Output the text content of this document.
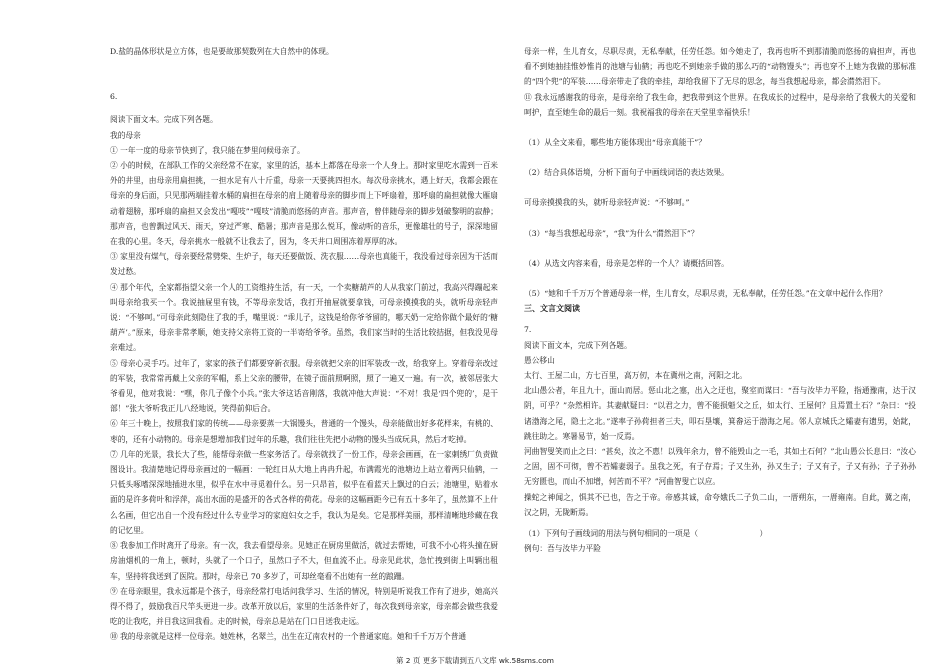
D.盐的晶体形状是立方体，也是要故那契数列在大自然中的体现。

6.

阅读下面文本。完成下列各题。

我的母亲

① 一年一度的母亲节快到了，我只能在梦里问候母亲了。

② 小的时候，在部队工作的父亲经常不在家，家里的活，基本上都落在母亲一个人身上。那时家里吃水需到一百米外的井里，由母亲用扁担挑，一担水足有八十斤重，母亲一天要挑四担水。每次母亲挑水，遇上好天，我都会跟在母亲的身后面，只见那两端挂着水桶的扁担在母亲的肩上随着母亲的脚步而上下呼扇着，那呼扇的扁担就像大雁扇动着翅膀，那呼扇的扁担又会发出“嘎吱”“嘎吱”清脆而悠扬的声音。那声音，曾伴随母亲的脚步划破黎明的寂静；那声音，也曾飘过风天、雨天，穿过严寒、酷暑；那声音是那么悦耳，像动听的音乐，更像雄壮的号子，深深地留在我的心里。冬天，母亲挑水一般就不让我去了，因为，冬天井口周围冻着厚厚的冰。

③ 家里没有煤气，母亲要经常劈柴、生炉子，每天还要做饭、洗衣服……母亲也真能干，我没看过母亲因为干活而发过愁。

④ 那个年代，全家都指望父亲一个人的工资维持生活，有一天，一个卖糖葫芦的人从我家门前过，我高兴得蹦起来叫母亲给我买一个。我说抽屉里有钱，不等母亲发话，我打开抽屉就要拿钱，可母亲摸摸我的头，就听母亲轻声说：“不够呵。”可母亲此刻隐住了我的手，嘴里说：“乖儿子，这钱是给你爷爷留的，哪天奶一定给你做个最好的‘糖葫芦’。”原来，母亲非常孝顺，她支持父亲将工资的一半寄给爷爷。虽然，我们家当时的生活比较拮据，但我没见母亲难过。

⑤ 母亲心灵手巧。过年了，家家的孩子们都要穿新衣服。母亲就把父亲的旧军装改一改，给我穿上。穿着母亲改过的军装，我常常再戴上父亲的军帽，系上父亲的腰带，在镜子面前照啊照，照了一遍又一遍。有一次，被邻居张大爷看见，他对我说：“嘿，你几子像个小兵。”张大爷这话音刚落，我就冲他大声说：“不对！我是‘四个兜的’，是干部！”张大爷听我正儿八经地说，笑得前仰后合。

⑥ 年三十晚上，按照我们家的传统——母亲要蒸一大锅馒头，普通的一个馒头，母亲能做出好多花样来，有桃的、枣的，还有小动物的。母亲是想增加我们过年的乐趣，我们往往先把小动物的馒头当成玩具，然后才吃掉。

⑦ 几年的光景，我长大了些，能帮母亲做一些家务活了。母亲就找了一份工作，母亲会画画，在一家刺绣厂负责做图设计。我清楚地记得母亲画过的一幅画：一轮红日从大地上冉冉升起，布满霞光的池塘边上站立着两只仙鹤，一只低头啄嗜深深地插进水里，似乎在水中寻觅着什么。另一只昂首，似乎在看蓝天上飘过的白云；池塘里，贴着水面的是许多荷叶和浮萍，高出水面的是盛开的各式各样的荷花。母亲的这幅画距今已有五十多年了，虽然算不上什么名画，但它出自一个没有经过什么专业学习的家庭妇女之手，我认为是矣。它是那样美丽，那样清晰地珍藏在我的记忆里。

⑧ 我参加工作时离开了母亲。有一次，我去看望母亲。见她正在厨房里做活，就过去帮她，可我不小心将头撞在厨房油烟机的一角上，顿时，头就了一个口子，虽然口子不大，但血流不止。母亲见此状，急忙拽到街上叫辆出租车，坚持将我送到了医院。那时，母亲已 70 多岁了，可却丝毫看不出她有一丝的踉跚。

⑨ 在母亲眼里，我永远都是个孩子，母亲经常打电话问我学习、生活的情况，特别是听说我工作有了进步，她高兴得不得了，鼓励我百尺竿头更进一步。改革开放以后，家里的生活条件好了，每次我到母亲家，母亲都会做些我爱吃的让我吃，并目我这回我看。走的时候，母亲总是站在门口目送我走远。

⑩ 我的母亲就是这样一位母亲。她姓林，名翠兰，出生在辽南农村的一个普通家庭。她和千千万万个普通

母亲一样，生儿育女，尽职尽责，无私奉献，任劳任怨。如今她走了，我再也听不到那清脆而悠扬的扁担声，再也看不到她抽挂惟妙惟肖的池塘与仙鹤；再也吃不到她亲手做的那么巧的“动物馒头”；再也穿不上她为我做的那标准的“四个兜”的军装……母亲带走了我的牵挂，却给我留下了无尽的思念，每当我想起母亲，都会潸然泪下。

⑪ 我永远感谢我的母亲，是母亲给了我生命，把我带到这个世界。在我成长的过程中，是母亲给了我极大的关爱和呵护，直至她生命的最后一刻。我祝福我的母亲在天堂里幸福快乐！

（1）从全文来看，哪些地方能体现出“母亲真能干”？

（2）结合具体语境，分析下面句子中画线词语的表达效果。

可母亲摸摸我的头，就听母亲轻声说：“不够呵。”

（3）“每当我想起母亲”，“我”为什么“潸然泪下”？

（4）从选文内容来看，母亲是怎样的一个人？请概括回答。

（5）“她和千千万万个普通母亲一样，生儿育女，尽职尽责，无私奉献，任劳任怨。”在文章中起什么作用？

三、文言文阅读

7.

阅读下面文本，完成下列各题。

愚公移山

太行、王屋二山，方七百里，高万仞，本在冀州之南，河阳之北。

北山愚公者，年且九十，面山而居。惩山北之塞，出入之迂也，聚室而谋曰：“吾与汝毕力平险，指通豫南，达于汉阴，可乎？”杂然相许。其妻献疑曰：“以君之力，曾不能损魁父之丘，如太行、王屋何？且焉置土石？”杂曰：“投诸渤海之尾，隐土之北。”遂率子孙荷担者三夫，叩石垦壤，箕畚运于渤海之尾。邻人京城氏之孀妻有遗男，始龀，跳往助之。寒暑易节，始一反焉。

河曲智叟笑而止之曰：“甚矣，汝之不惠！以残年余力，曾不能毁山之一毛，其如土石何？”北山愚公长息曰：“汝心之固，固不可彻，曾不若孀妻弱子。虽我之死，有子存焉；子又生孙，孙又生子；子又有子，子又有孙；子子孙孙无穷匮也，而山不加增，何苦而不平？”河曲智叟亡以应。

操蛇之神闻之，惧其不已也，告之于帝。帝感其诚，命夸娥氏二子负二山，一厝朔东，一厝雍南。自此，冀之南，汉之阴，无陇断焉。

（1）下列句子画线词的用法与例句相同的一项是（　　　　　　　　）

例句：吾与汝毕力平险

第 2 页 更多下载请到五八文库 wk.58sms.com
